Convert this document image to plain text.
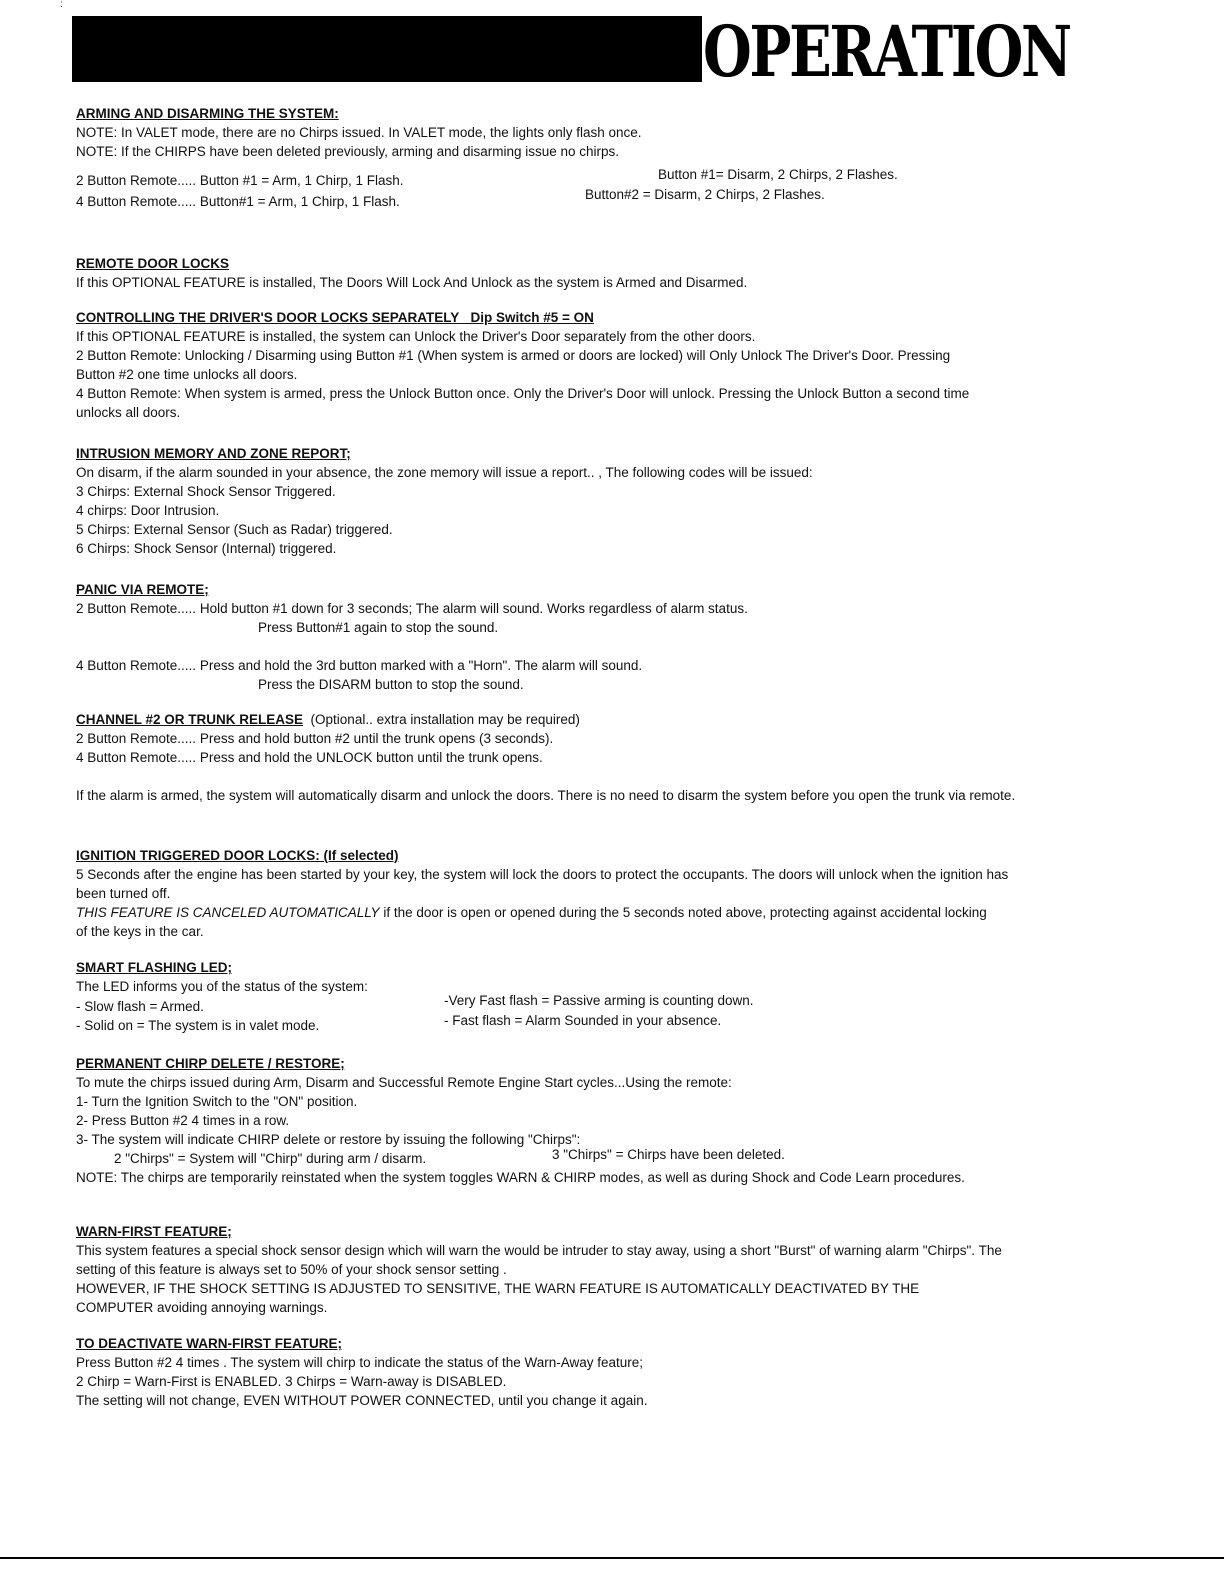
:
OPERATION
ARMING AND DISARMING THE SYSTEM:
NOTE: In VALET mode, there are no Chirps issued. In VALET mode, the lights only flash once.
NOTE: If the CHIRPS have been deleted previously, arming and disarming issue no chirps.
2 Button Remote..... Button #1 = Arm, 1 Chirp, 1 Flash.	Button #1= Disarm, 2 Chirps, 2 Flashes.
4 Button Remote..... Button#1 = Arm, 1 Chirp, 1 Flash.	Button#2 = Disarm, 2 Chirps, 2 Flashes.
REMOTE DOOR LOCKS
If this OPTIONAL FEATURE is installed, The Doors Will Lock And Unlock as the system is Armed and Disarmed.
CONTROLLING THE DRIVER'S DOOR LOCKS SEPARATELY Dip Switch #5 = ON
If this OPTIONAL FEATURE is installed, the system can Unlock the Driver's Door separately from the other doors.
2 Button Remote: Unlocking / Disarming using Button #1 (When system is armed or doors are locked) will Only Unlock The Driver's Door. Pressing Button #2 one time unlocks all doors.
4 Button Remote: When system is armed, press the Unlock Button once. Only the Driver's Door will unlock. Pressing the Unlock Button a second time unlocks all doors.
INTRUSION MEMORY AND ZONE REPORT;
On disarm, if the alarm sounded in your absence, the zone memory will issue a report.. , The following codes will be issued:
3 Chirps: External Shock Sensor Triggered.
4 chirps: Door Intrusion.
5 Chirps: External Sensor (Such as Radar) triggered.
6 Chirps: Shock Sensor (Internal) triggered.
PANIC VIA REMOTE;
2 Button Remote..... Hold button #1 down for 3 seconds; The alarm will sound. Works regardless of alarm status.
Press Button#1 again to stop the sound.
4 Button Remote..... Press and hold the 3rd button marked with a "Horn". The alarm will sound.
Press the DISARM button to stop the sound.
CHANNEL #2 OR TRUNK RELEASE (Optional.. extra installation may be required)
2 Button Remote..... Press and hold button #2 until the trunk opens (3 seconds).
4 Button Remote..... Press and hold the UNLOCK button until the trunk opens.
If the alarm is armed, the system will automatically disarm and unlock the doors. There is no need to disarm the system before you open the trunk via remote.
IGNITION TRIGGERED DOOR LOCKS: (If selected)
5 Seconds after the engine has been started by your key, the system will lock the doors to protect the occupants. The doors will unlock when the ignition has been turned off.
THIS FEATURE IS CANCELED AUTOMATICALLY if the door is open or opened during the 5 seconds noted above, protecting against accidental locking of the keys in the car.
SMART FLASHING LED;
The LED informs you of the status of the system:
- Slow flash = Armed.
- Solid on = The system is in valet mode.
-Very Fast flash = Passive arming is counting down.
- Fast flash = Alarm Sounded in your absence.
PERMANENT CHIRP DELETE / RESTORE;
To mute the chirps issued during Arm, Disarm and Successful Remote Engine Start cycles...Using the remote:
1- Turn the Ignition Switch to the "ON" position.
2- Press Button #2 4 times in a row.
3- The system will indicate CHIRP delete or restore by issuing the following "Chirps":
2 "Chirps" = System will "Chirp" during arm / disarm.	3 "Chirps" = Chirps have been deleted.
NOTE: The chirps are temporarily reinstated when the system toggles WARN & CHIRP modes, as well as during Shock and Code Learn procedures.
WARN-FIRST FEATURE;
This system features a special shock sensor design which will warn the would be intruder to stay away, using a short "Burst" of warning alarm "Chirps". The setting of this feature is always set to 50% of your shock sensor setting .
HOWEVER, IF THE SHOCK SETTING IS ADJUSTED TO SENSITIVE, THE WARN FEATURE IS AUTOMATICALLY DEACTIVATED BY THE COMPUTER avoiding annoying warnings.
TO DEACTIVATE WARN-FIRST FEATURE;
Press Button #2 4 times . The system will chirp to indicate the status of the Warn-Away feature;
2 Chirp = Warn-First is ENABLED. 3 Chirps = Warn-away is DISABLED.
The setting will not change, EVEN WITHOUT POWER CONNECTED, until you change it again.
